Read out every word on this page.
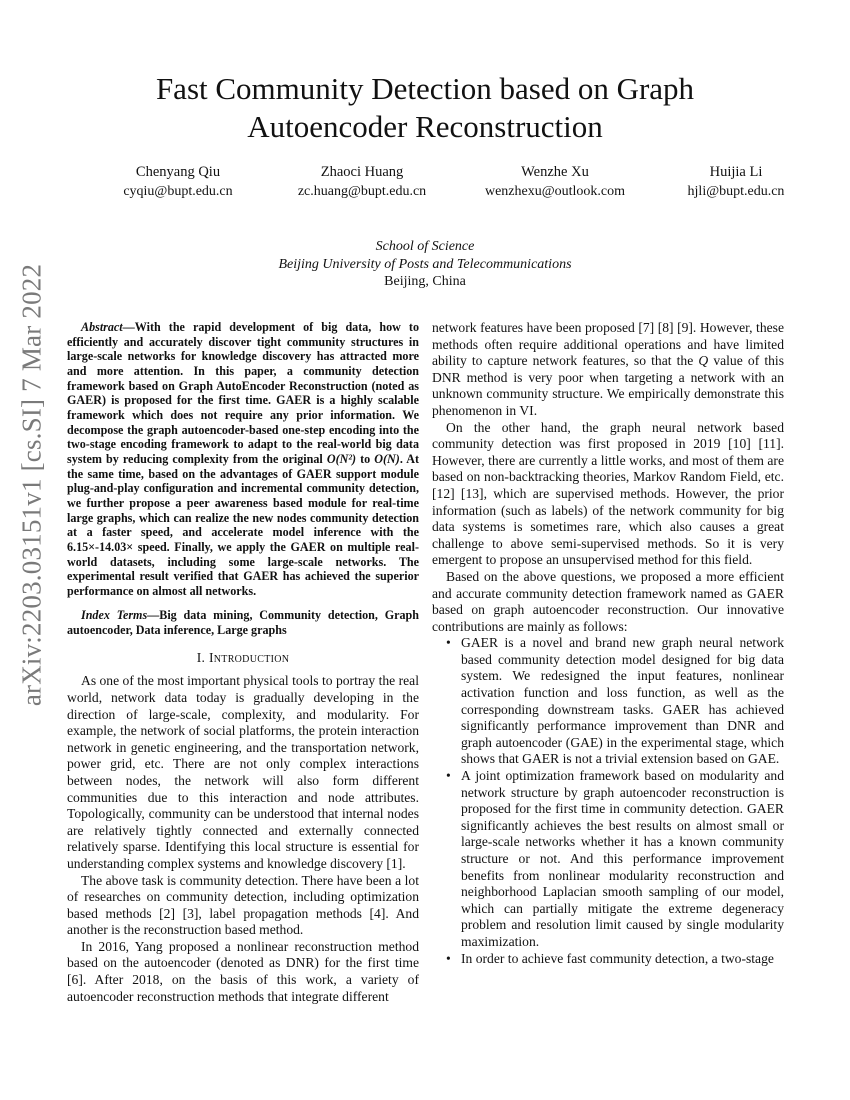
arXiv:2203.03151v1 [cs.SI] 7 Mar 2022
Fast Community Detection based on Graph Autoencoder Reconstruction
Chenyang Qiu
cyqiu@bupt.edu.cn
Zhaoci Huang
zc.huang@bupt.edu.cn
Wenzhe Xu
wenzhexu@outlook.com
Huijia Li
hjli@bupt.edu.cn
School of Science
Beijing University of Posts and Telecommunications
Beijing, China

Abstract—With the rapid development of big data, how to efficiently and accurately discover tight community structures in large-scale networks for knowledge discovery has attracted more and more attention. In this paper, a community detection framework based on Graph AutoEncoder Reconstruction (noted as GAER) is proposed for the first time. GAER is a highly scalable framework which does not require any prior information. We decompose the graph autoencoder-based one-step encoding into the two-stage encoding framework to adapt to the real-world big data system by reducing complexity from the original O(N²) to O(N). At the same time, based on the advantages of GAER support module plug-and-play configuration and incremental community detection, we further propose a peer awareness based module for real-time large graphs, which can realize the new nodes community detection at a faster speed, and accelerate model inference with the 6.15×-14.03× speed. Finally, we apply the GAER on multiple real-world datasets, including some large-scale networks. The experimental result verified that GAER has achieved the superior performance on almost all networks.

Index Terms—Big data mining, Community detection, Graph autoencoder, Data inference, Large graphs

I. Introduction

As one of the most important physical tools to portray the real world, network data today is gradually developing in the direction of large-scale, complexity, and modularity. For example, the network of social platforms, the protein interaction network in genetic engineering, and the transportation network, power grid, etc. There are not only complex interactions between nodes, the network will also form different communities due to this interaction and node attributes. Topologically, community can be understood that internal nodes are relatively tightly connected and externally connected relatively sparse. Identifying this local structure is essential for understanding complex systems and knowledge discovery [1].

The above task is community detection. There have been a lot of researches on community detection, including optimization based methods [2] [3], label propagation methods [4]. And another is the reconstruction based method.

In 2016, Yang proposed a nonlinear reconstruction method based on the autoencoder (denoted as DNR) for the first time [6]. After 2018, on the basis of this work, a variety of autoencoder reconstruction methods that integrate different

network features have been proposed [7] [8] [9]. However, these methods often require additional operations and have limited ability to capture network features, so that the Q value of this DNR method is very poor when targeting a network with an unknown community structure. We empirically demonstrate this phenomenon in VI.

On the other hand, the graph neural network based community detection was first proposed in 2019 [10] [11]. However, there are currently a little works, and most of them are based on non-backtracking theories, Markov Random Field, etc. [12] [13], which are supervised methods. However, the prior information (such as labels) of the network community for big data systems is sometimes rare, which also causes a great challenge to above semi-supervised methods. So it is very emergent to propose an unsupervised method for this field.

Based on the above questions, we proposed a more efficient and accurate community detection framework named as GAER based on graph autoencoder reconstruction. Our innovative contributions are mainly as follows:

• GAER is a novel and brand new graph neural network based community detection model designed for big data system. We redesigned the input features, nonlinear activation function and loss function, as well as the corresponding downstream tasks. GAER has achieved significantly performance improvement than DNR and graph autoencoder (GAE) in the experimental stage, which shows that GAER is not a trivial extension based on GAE.
• A joint optimization framework based on modularity and network structure by graph autoencoder reconstruction is proposed for the first time in community detection. GAER significantly achieves the best results on almost small or large-scale networks whether it has a known community structure or not. And this performance improvement benefits from nonlinear modularity reconstruction and neighborhood Laplacian smooth sampling of our model, which can partially mitigate the extreme degeneracy problem and resolution limit caused by single modularity maximization.
• In order to achieve fast community detection, a two-stage
